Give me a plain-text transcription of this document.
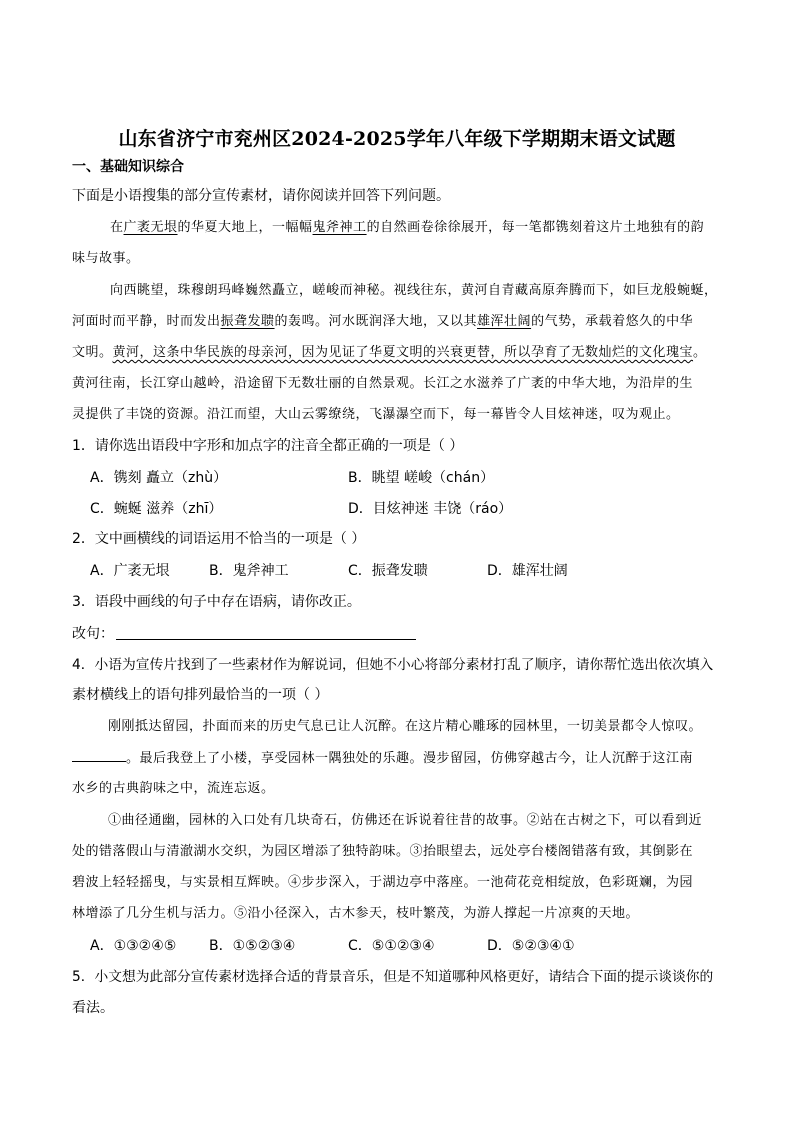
山东省济宁市兖州区2024-2025学年八年级下学期期末语文试题
一、基础知识综合
下面是小语搜集的部分宣传素材，请你阅读并回答下列问题。
在广袤无垠的华夏大地上，一幅幅鬼斧神工的自然画卷徐徐展开，每一笔都镌刻着这片土地独有的韵
味与故事。
向西眺望，珠穆朗玛峰巍然矗立，嵯峻而神秘。视线往东，黄河自青藏高原奔腾而下，如巨龙般蜿蜒，
河面时而平静，时而发出振聋发聩的轰鸣。河水既润泽大地，又以其雄浑壮阔的气势，承载着悠久的中华
文明。黄河，这条中华民族的母亲河，因为见证了华夏文明的兴衰更替，所以孕育了无数灿烂的文化瑰宝。
黄河往南，长江穿山越岭，沿途留下无数壮丽的自然景观。长江之水滋养了广袤的中华大地，为沿岸的生
灵提供了丰饶的资源。沿江而望，大山云雾缭绕，飞瀑瀑空而下，每一幕皆令人目炫神迷，叹为观止。
1．请你选出语段中字形和加点字的注音全都正确的一项是（ ）
A．镌刻 矗立（zhù）	B．眺望 嵯峻（chán）
C．蜿蜒 滋养（zhī）	D．目炫神迷 丰饶（ráo）
2．文中画横线的词语运用不恰当的一项是（ ）
A．广袤无垠	B．鬼斧神工	C．振聋发聩	D．雄浑壮阔
3．语段中画线的句子中存在语病，请你改正。
改句：
4．小语为宣传片找到了一些素材作为解说词，但她不小心将部分素材打乱了顺序，请你帮忙选出依次填入
素材横线上的语句排列最恰当的一项（ ）
刚刚抵达留园，扑面而来的历史气息已让人沉醉。在这片精心雕琢的园林里，一切美景都令人惊叹。
。最后我登上了小楼，享受园林一隅独处的乐趣。漫步留园，仿佛穿越古今，让人沉醉于这江南
水乡的古典韵味之中，流连忘返。
①曲径通幽，园林的入口处有几块奇石，仿佛还在诉说着往昔的故事。②站在古树之下，可以看到近
处的错落假山与清澈湖水交织，为园区增添了独特韵味。③抬眼望去，远处亭台楼阁错落有致，其倒影在
碧波上轻轻摇曳，与实景相互辉映。④步步深入，于湖边亭中落座。一池荷花竞相绽放，色彩斑斓，为园
林增添了几分生机与活力。⑤沿小径深入，古木参天，枝叶繁茂，为游人撑起一片凉爽的天地。
A．①③②④⑤ B．①⑤②③④	C．⑤①②③④	D．⑤②③④①
5．小文想为此部分宣传素材选择合适的背景音乐，但是不知道哪种风格更好，请结合下面的提示谈谈你的
看法。
